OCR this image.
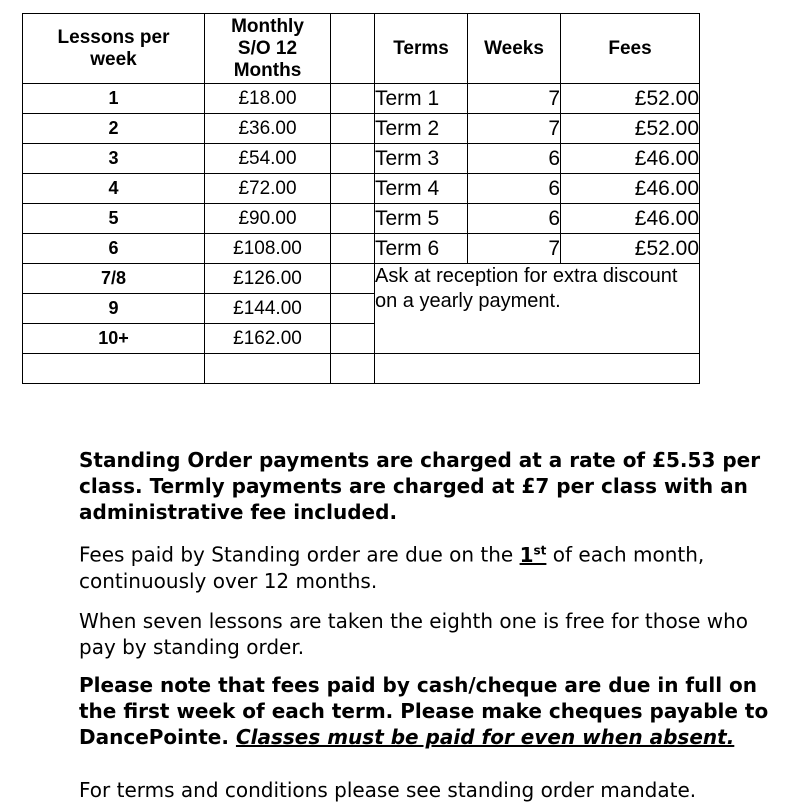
Lessons per week	Monthly S/O 12 Months		Terms	Weeks	Fees
1	£18.00		Term 1	7	£52.00
2	£36.00		Term 2	7	£52.00
3	£54.00		Term 3	6	£46.00
4	£72.00		Term 4	6	£46.00
5	£90.00		Term 5	6	£46.00
6	£108.00		Term 6	7	£52.00
7/8	£126.00		Ask at reception for extra discount on a yearly payment.		
9	£144.00				
10+	£162.00				

Standing Order payments are charged at a rate of £5.53 per class. Termly payments are charged at £7 per class with an administrative fee included.
Fees paid by Standing order are due on the 1st of each month, continuously over 12 months.
When seven lessons are taken the eighth one is free for those who pay by standing order.
Please note that fees paid by cash/cheque are due in full on the first week of each term. Please make cheques payable to DancePointe. Classes must be paid for even when absent.
For terms and conditions please see standing order mandate.
